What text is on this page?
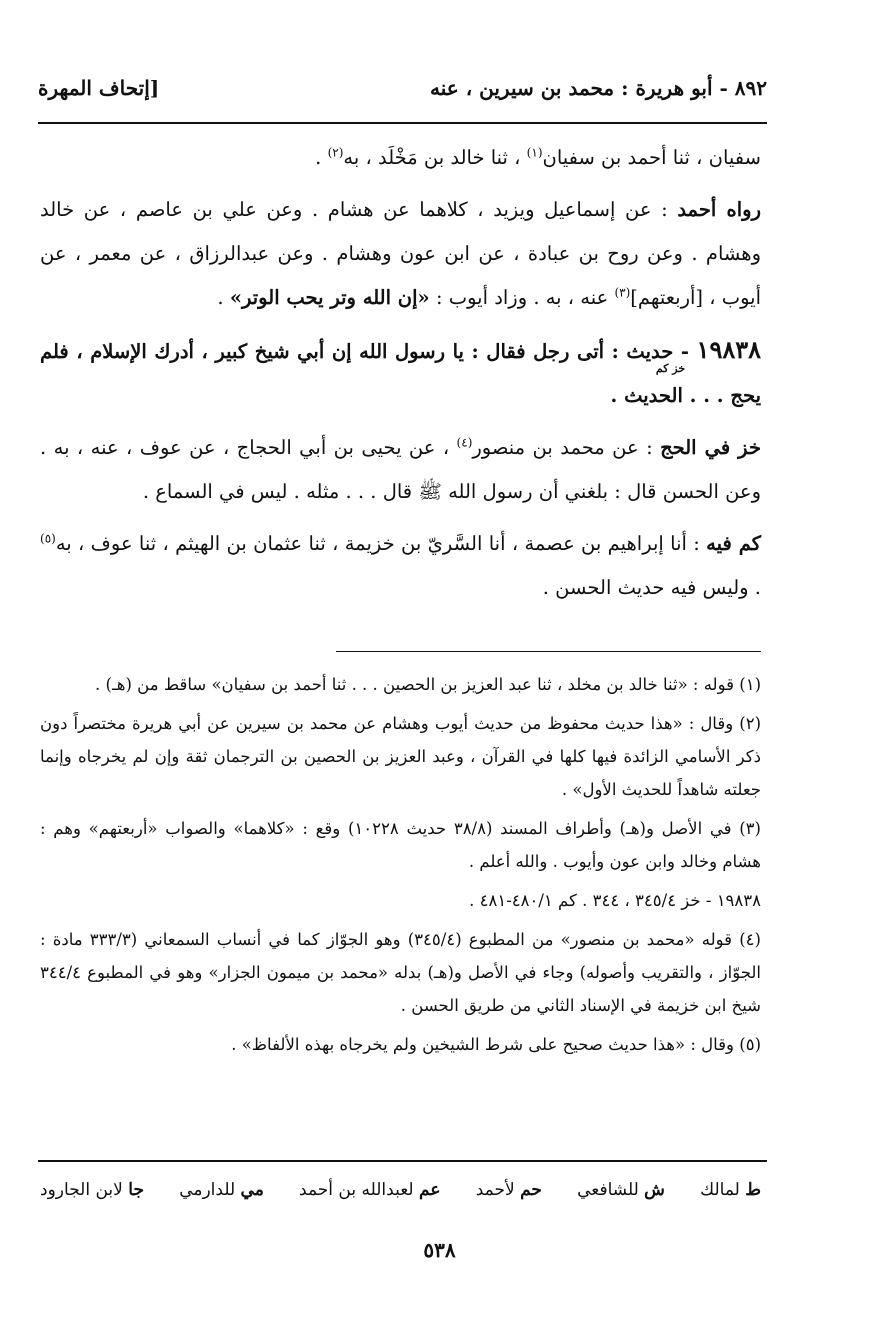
٨٩٢ - أبو هريرة : محمد بن سيرين ، عنه
[إتحاف المهرة

سفيان ، ثنا أحمد بن سفيان$^{(١)}$ ، ثنا خالد بن مَخْلَد ، به$^{(٢)}$ .

رواه أحمد : عن إسماعيل ويزيد ، كلاهما عن هشام . وعن علي بن عاصم ، عن خالد وهشام . وعن روح بن عبادة ، عن ابن عون وهشام . وعن عبدالرزاق ، عن معمر ، عن أيوب ، [أربعتهم]$^{(٣)}$ عنه ، به . وزاد أيوب : «إن الله وتر يحب الوتر» .

١٩٨٣٨خز كم - حديث : أتى رجل فقال : يا رسول الله إن أبي شيخ كبير ، أدرك الإسلام ، فلم يحج . . . الحديث .

خز في الحج : عن محمد بن منصور$^{(٤)}$ ، عن يحيى بن أبي الحجاج ، عن عوف ، عنه ، به . وعن الحسن قال : بلغني أن رسول الله ﷺ قال . . . مثله . ليس في السماع .

كم فيه : أنا إبراهيم بن عصمة ، أنا السَّريّ بن خزيمة ، ثنا عثمان بن الهيثم ، ثنا عوف ، به$^{(٥)}$ . وليس فيه حديث الحسن .

(١) قوله : «ثنا خالد بن مخلد ، ثنا عبد العزيز بن الحصين . . . ثنا أحمد بن سفيان» ساقط من (هـ) .

(٢) وقال : «هذا حديث محفوظ من حديث أيوب وهشام عن محمد بن سيرين عن أبي هريرة مختصراً دون ذكر الأسامي الزائدة فيها كلها في القرآن ، وعبد العزيز بن الحصين بن الترجمان ثقة وإن لم يخرجاه وإنما جعلته شاهداً للحديث الأول» .

(٣) في الأصل و(هـ) وأطراف المسند (٣٨/٨ حديث ١٠٢٢٨) وقع : «كلاهما» والصواب «أربعتهم» وهم : هشام وخالد وابن عون وأيوب . والله أعلم .

١٩٨٣٨ - خز ٣٤٥/٤ ، ٣٤٤ . كم ٤٨٠/١-٤٨١ .

(٤) قوله «محمد بن منصور» من المطبوع (٣٤٥/٤) وهو الجوّاز كما في أنساب السمعاني (٣٣٣/٣ مادة : الجوّاز ، والتقريب وأصوله) وجاء في الأصل و(هـ) بدله «محمد بن ميمون الجزار» وهو في المطبوع ٣٤٤/٤ شيخ ابن خزيمة في الإسناد الثاني من طريق الحسن .

(٥) وقال : «هذا حديث صحيح على شرط الشيخين ولم يخرجاه بهذه الألفاظ» .

ط لمالك
ش للشافعي
حم لأحمد
عم لعبدالله بن أحمد
مي للدارمي
جا لابن الجارود
٥٣٨
